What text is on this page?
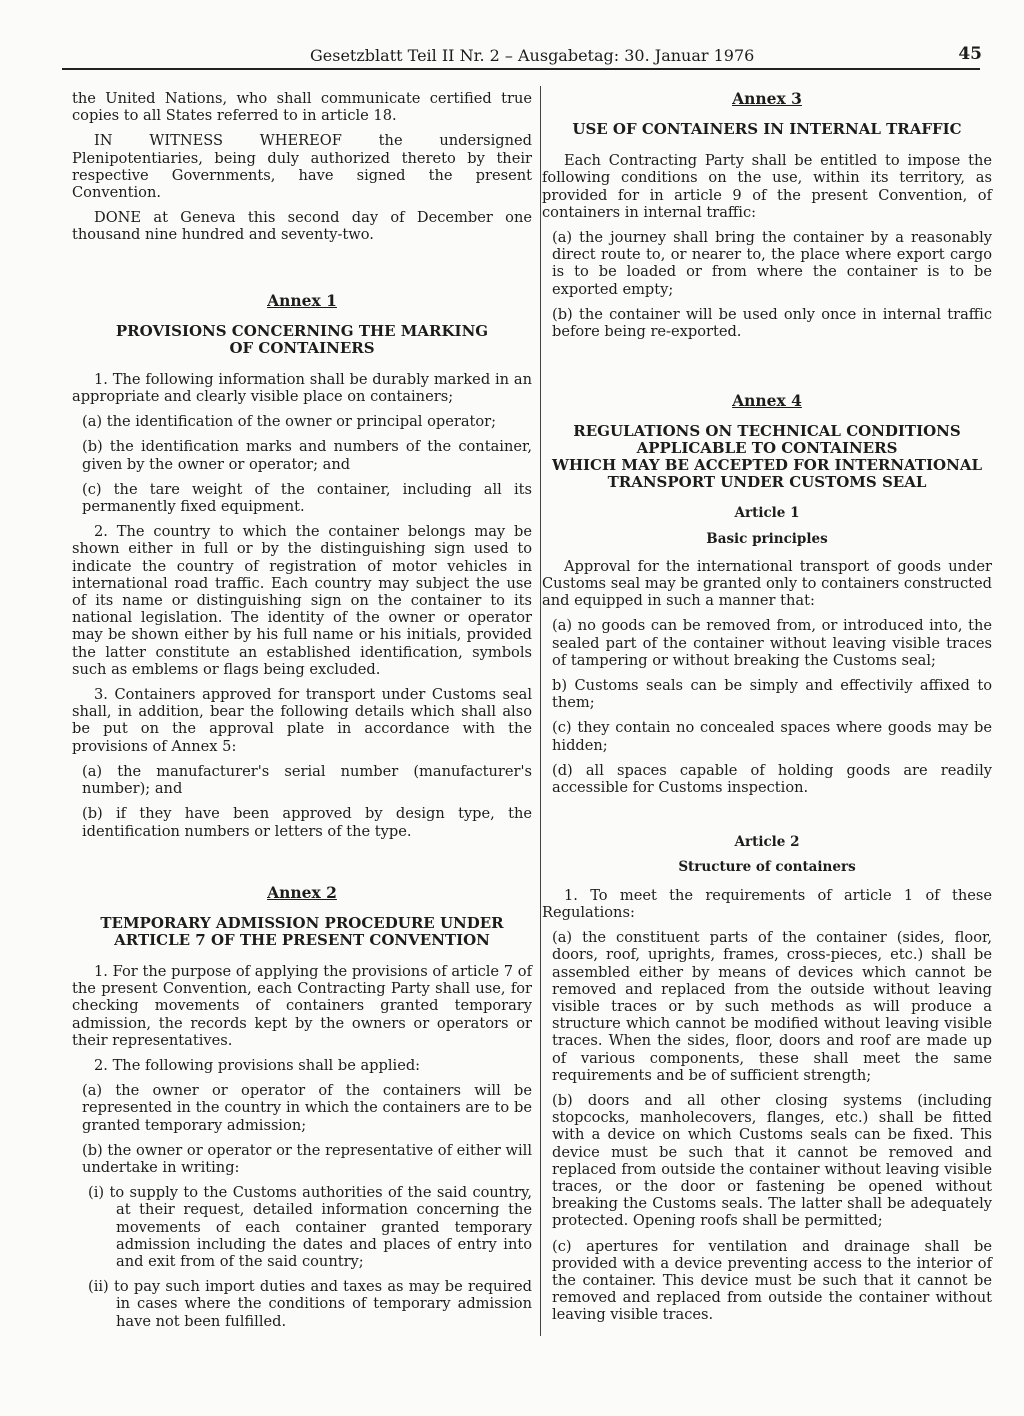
Gesetzblatt Teil II Nr. 2 – Ausgabetag: 30. Januar 1976	45

the United Nations, who shall communicate certified true copies to all States referred to in article 18.

IN WITNESS WHEREOF the undersigned Plenipotentiaries, being duly authorized thereto by their respective Governments, have signed the present Convention.

DONE at Geneva this second day of December one thousand nine hundred and seventy-two.

Annex 1
PROVISIONS CONCERNING THE MARKING
OF CONTAINERS

1. The following information shall be durably marked in an appropriate and clearly visible place on containers;

(a) the identification of the owner or principal operator;

(b) the identification marks and numbers of the container, given by the owner or operator; and

(c) the tare weight of the container, including all its permanently fixed equipment.

2. The country to which the container belongs may be shown either in full or by the distinguishing sign used to indicate the country of registration of motor vehicles in international road traffic. Each country may subject the use of its name or distinguishing sign on the container to its national legislation. The identity of the owner or operator may be shown either by his full name or his initials, provided the latter constitute an established identification, symbols such as emblems or flags being excluded.

3. Containers approved for transport under Customs seal shall, in addition, bear the following details which shall also be put on the approval plate in accordance with the provisions of Annex 5:

(a) the manufacturer's serial number (manufacturer's number); and

(b) if they have been approved by design type, the identification numbers or letters of the type.

Annex 2
TEMPORARY ADMISSION PROCEDURE UNDER
ARTICLE 7 OF THE PRESENT CONVENTION

1. For the purpose of applying the provisions of article 7 of the present Convention, each Contracting Party shall use, for checking movements of containers granted temporary admission, the records kept by the owners or operators or their representatives.

2. The following provisions shall be applied:

(a) the owner or operator of the containers will be represented in the country in which the containers are to be granted temporary admission;

(b) the owner or operator or the representative of either will undertake in writing:

(i) to supply to the Customs authorities of the said country, at their request, detailed information concerning the movements of each container granted temporary admission including the dates and places of entry into and exit from of the said country;

(ii) to pay such import duties and taxes as may be required in cases where the conditions of temporary admission have not been fulfilled.

Annex 3
USE OF CONTAINERS IN INTERNAL TRAFFIC

Each Contracting Party shall be entitled to impose the following conditions on the use, within its territory, as provided for in article 9 of the present Convention, of containers in internal traffic:

(a) the journey shall bring the container by a reasonably direct route to, or nearer to, the place where export cargo is to be loaded or from where the container is to be exported empty;

(b) the container will be used only once in internal traffic before being re-exported.

Annex 4
REGULATIONS ON TECHNICAL CONDITIONS
APPLICABLE TO CONTAINERS
WHICH MAY BE ACCEPTED FOR INTERNATIONAL
TRANSPORT UNDER CUSTOMS SEAL
Article 1
Basic principles

Approval for the international transport of goods under Customs seal may be granted only to containers constructed and equipped in such a manner that:

(a) no goods can be removed from, or introduced into, the sealed part of the container without leaving visible traces of tampering or without breaking the Customs seal;

b) Customs seals can be simply and effectivily affixed to them;

(c) they contain no concealed spaces where goods may be hidden;

(d) all spaces capable of holding goods are readily accessible for Customs inspection.

Article 2
Structure of containers

1. To meet the requirements of article 1 of these Regulations:

(a) the constituent parts of the container (sides, floor, doors, roof, uprights, frames, cross-pieces, etc.) shall be assembled either by means of devices which cannot be removed and replaced from the outside without leaving visible traces or by such methods as will produce a structure which cannot be modified without leaving visible traces. When the sides, floor, doors and roof are made up of various components, these shall meet the same requirements and be of sufficient strength;

(b) doors and all other closing systems (including stopcocks, manholecovers, flanges, etc.) shall be fitted with a device on which Customs seals can be fixed. This device must be such that it cannot be removed and replaced from outside the container without leaving visible traces, or the door or fastening be opened without breaking the Customs seals. The latter shall be adequately protected. Opening roofs shall be permitted;

(c) apertures for ventilation and drainage shall be provided with a device preventing access to the interior of the container. This device must be such that it cannot be removed and replaced from outside the container without leaving visible traces.
